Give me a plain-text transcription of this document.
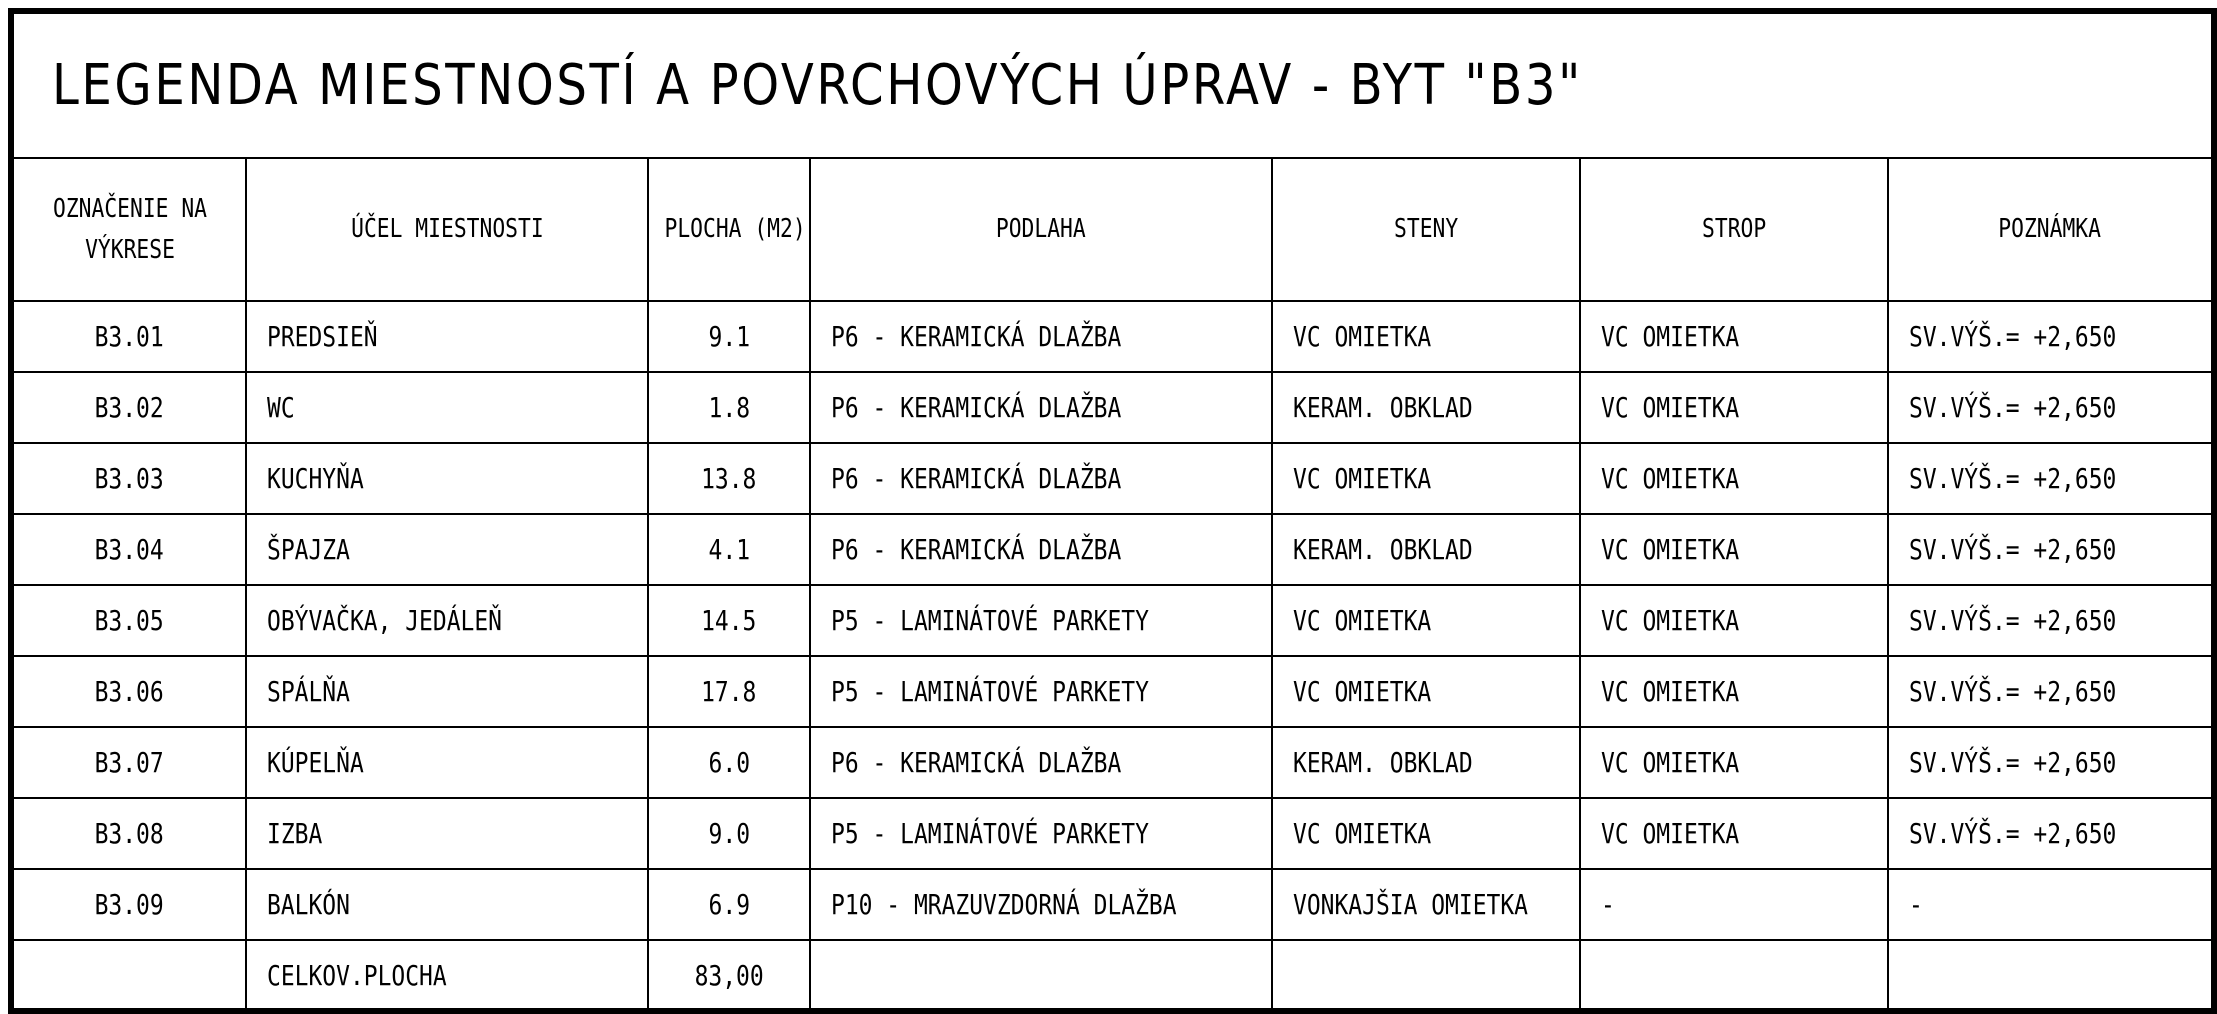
LEGENDA MIESTNOSTÍ A POVRCHOVÝCH ÚPRAV - BYT "B3"
OZNAČENIE NA VÝKRESE	ÚČEL MIESTNOSTI	PLOCHA (M2)	PODLAHA	STENY	STROP	POZNÁMKA
B3.01	PREDSIEŇ	9.1	P6 - KERAMICKÁ DLAŽBA	VC OMIETKA	VC OMIETKA	SV.VÝŠ.= +2,650
B3.02	WC	1.8	P6 - KERAMICKÁ DLAŽBA	KERAM. OBKLAD	VC OMIETKA	SV.VÝŠ.= +2,650
B3.03	KUCHYŇA	13.8	P6 - KERAMICKÁ DLAŽBA	VC OMIETKA	VC OMIETKA	SV.VÝŠ.= +2,650
B3.04	ŠPAJZA	4.1	P6 - KERAMICKÁ DLAŽBA	KERAM. OBKLAD	VC OMIETKA	SV.VÝŠ.= +2,650
B3.05	OBÝVAČKA, JEDÁLEŇ	14.5	P5 - LAMINÁTOVÉ PARKETY	VC OMIETKA	VC OMIETKA	SV.VÝŠ.= +2,650
B3.06	SPÁLŇA	17.8	P5 - LAMINÁTOVÉ PARKETY	VC OMIETKA	VC OMIETKA	SV.VÝŠ.= +2,650
B3.07	KÚPELŇA	6.0	P6 - KERAMICKÁ DLAŽBA	KERAM. OBKLAD	VC OMIETKA	SV.VÝŠ.= +2,650
B3.08	IZBA	9.0	P5 - LAMINÁTOVÉ PARKETY	VC OMIETKA	VC OMIETKA	SV.VÝŠ.= +2,650
B3.09	BALKÓN	6.9	P10 - MRAZUVZDORNÁ DLAŽBA	VONKAJŠIA OMIETKA	-	-
	CELKOV.PLOCHA	83,00				
